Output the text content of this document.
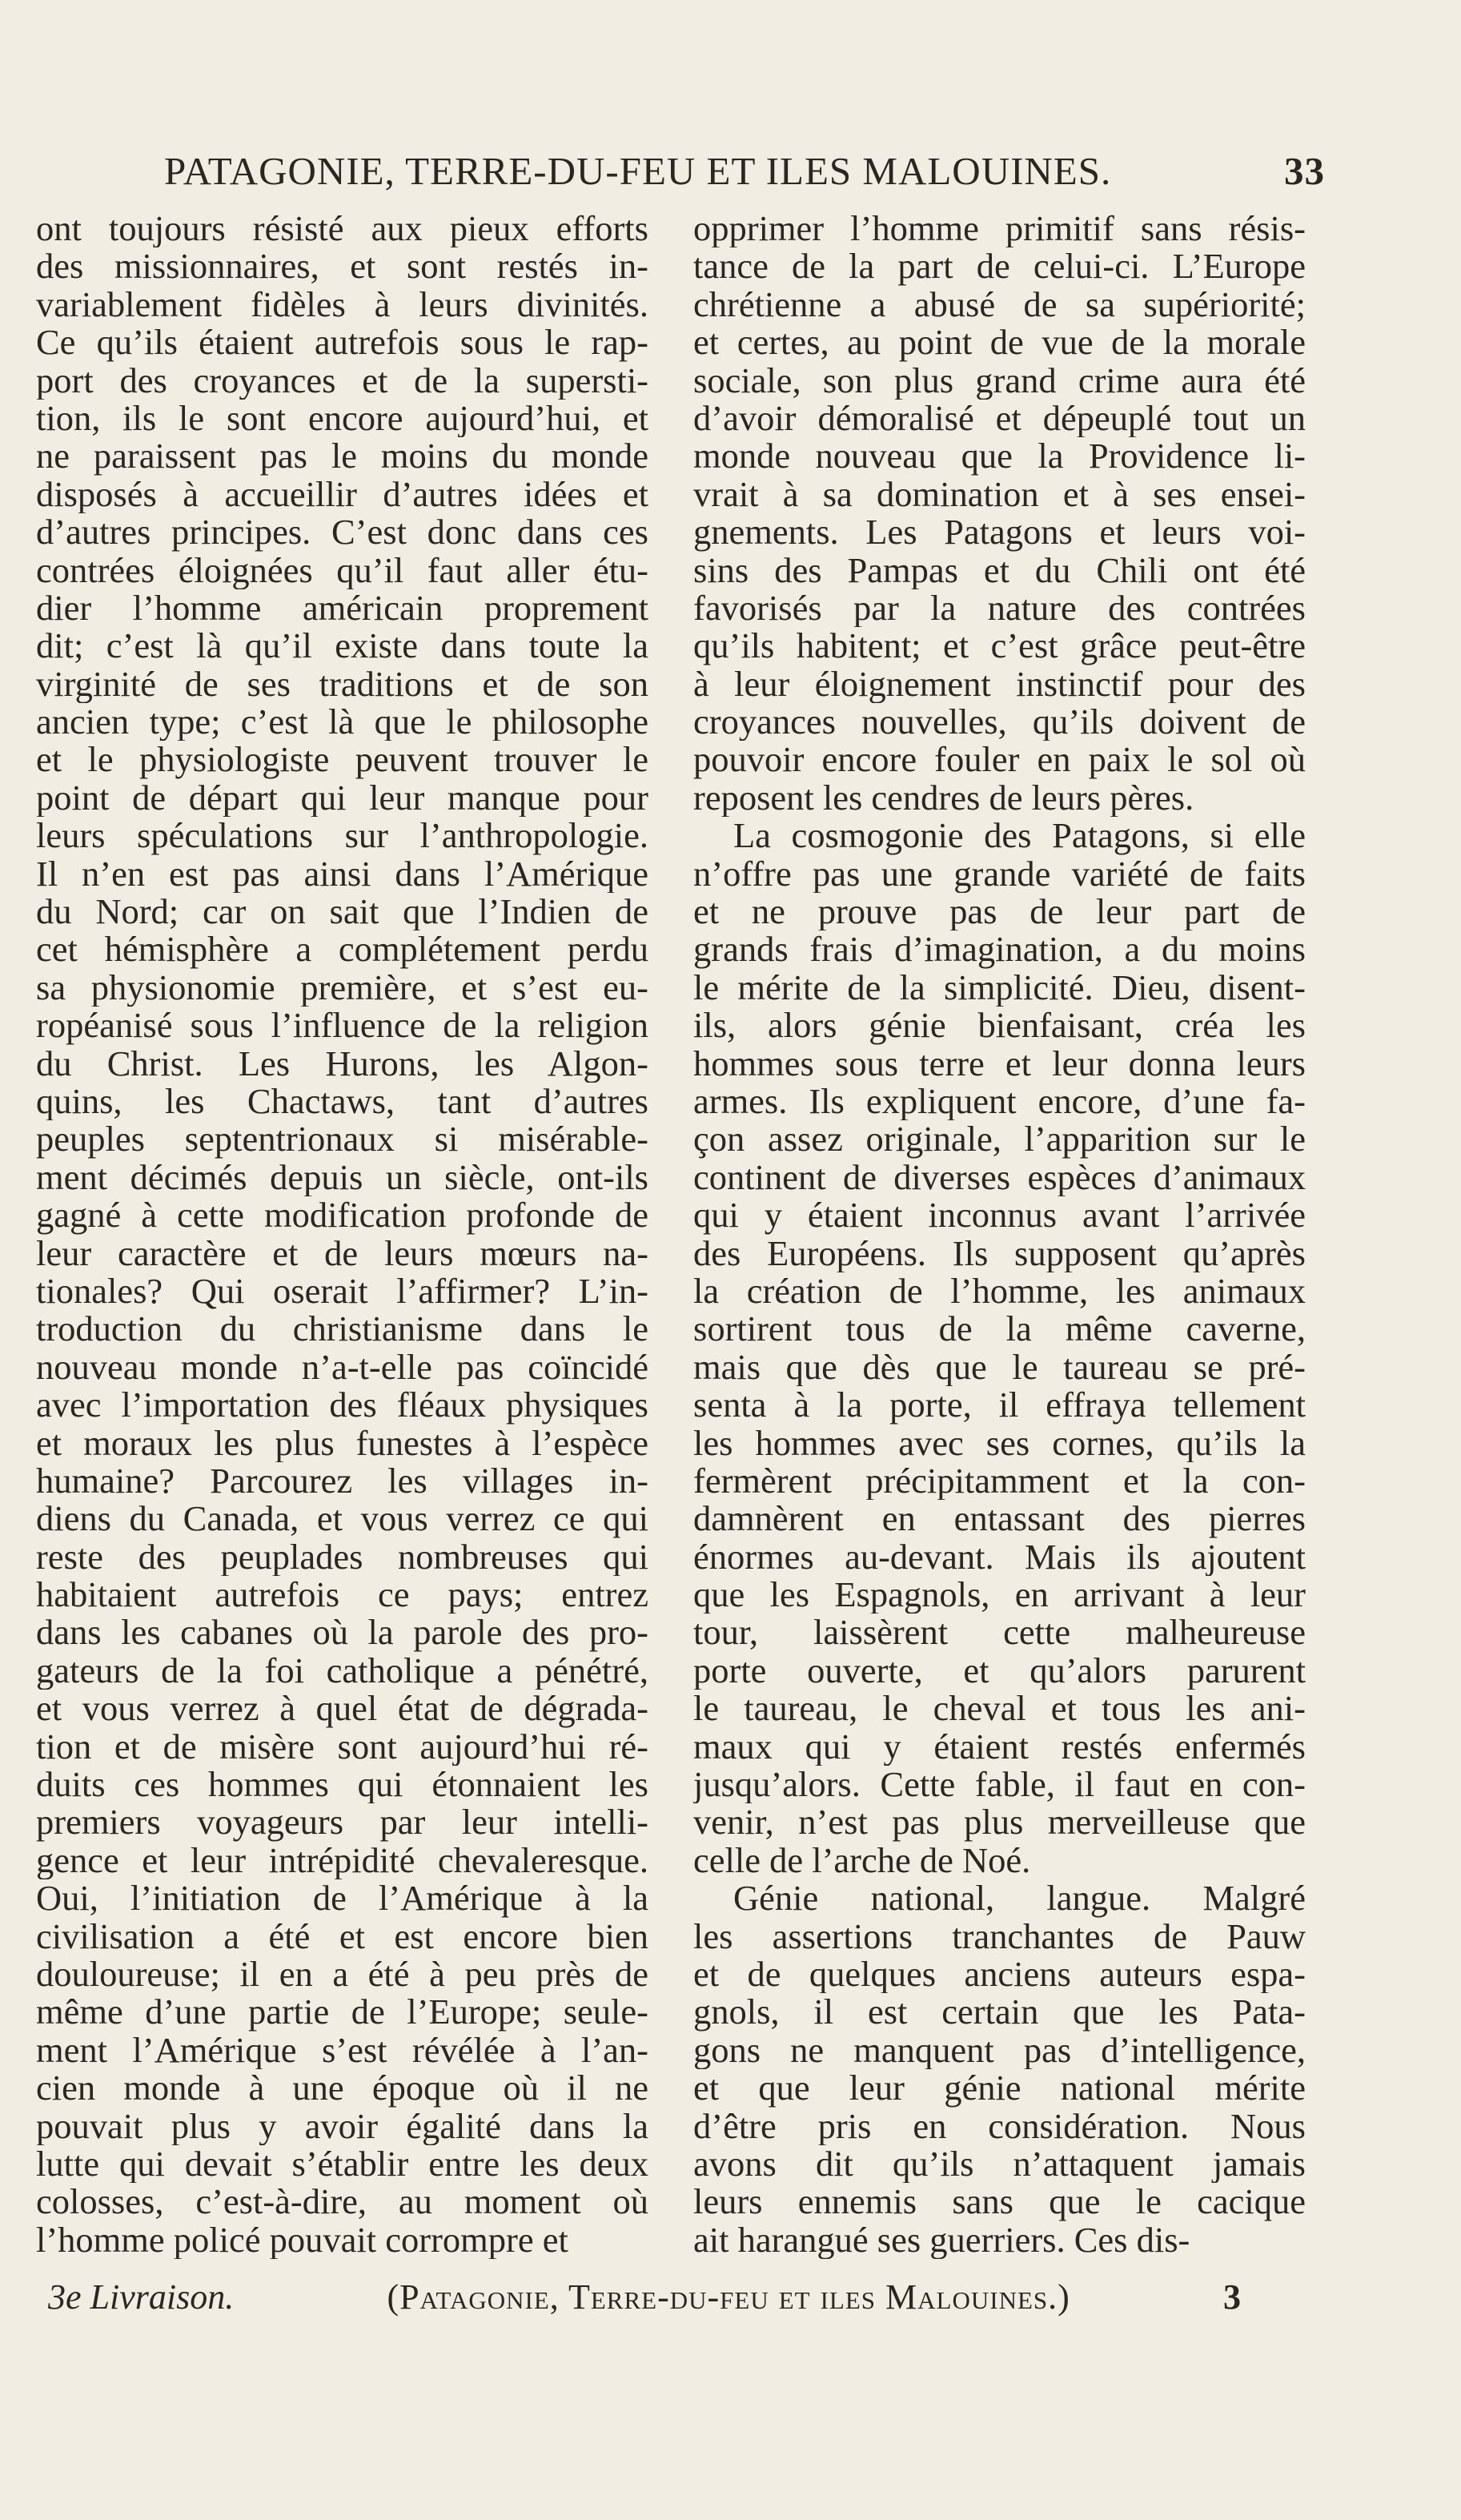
PATAGONIE, TERRE-DU-FEU ET ILES MALOUINES.	33
ont toujours résisté aux pieux efforts
des missionnaires, et sont restés in-
variablement fidèles à leurs divinités.
Ce qu’ils étaient autrefois sous le rap-
port des croyances et de la supersti-
tion, ils le sont encore aujourd’hui, et
ne paraissent pas le moins du monde
disposés à accueillir d’autres idées et
d’autres principes. C’est donc dans ces
contrées éloignées qu’il faut aller étu-
dier l’homme américain proprement
dit; c’est là qu’il existe dans toute la
virginité de ses traditions et de son
ancien type; c’est là que le philosophe
et le physiologiste peuvent trouver le
point de départ qui leur manque pour
leurs spéculations sur l’anthropologie.
Il n’en est pas ainsi dans l’Amérique
du Nord; car on sait que l’Indien de
cet hémisphère a complétement perdu
sa physionomie première, et s’est eu-
ropéanisé sous l’influence de la religion
du Christ. Les Hurons, les Algon-
quins, les Chactaws, tant d’autres
peuples septentrionaux si misérable-
ment décimés depuis un siècle, ont-ils
gagné à cette modification profonde de
leur caractère et de leurs mœurs na-
tionales? Qui oserait l’affirmer? L’in-
troduction du christianisme dans le
nouveau monde n’a-t-elle pas coïncidé
avec l’importation des fléaux physiques
et moraux les plus funestes à l’espèce
humaine? Parcourez les villages in-
diens du Canada, et vous verrez ce qui
reste des peuplades nombreuses qui
habitaient autrefois ce pays; entrez
dans les cabanes où la parole des pro-
gateurs de la foi catholique a pénétré,
et vous verrez à quel état de dégrada-
tion et de misère sont aujourd’hui ré-
duits ces hommes qui étonnaient les
premiers voyageurs par leur intelli-
gence et leur intrépidité chevaleresque.
Oui, l’initiation de l’Amérique à la
civilisation a été et est encore bien
douloureuse; il en a été à peu près de
même d’une partie de l’Europe; seule-
ment l’Amérique s’est révélée à l’an-
cien monde à une époque où il ne
pouvait plus y avoir égalité dans la
lutte qui devait s’établir entre les deux
colosses, c’est-à-dire, au moment où
l’homme policé pouvait corrompre et
opprimer l’homme primitif sans résis-
tance de la part de celui-ci. L’Europe
chrétienne a abusé de sa supériorité;
et certes, au point de vue de la morale
sociale, son plus grand crime aura été
d’avoir démoralisé et dépeuplé tout un
monde nouveau que la Providence li-
vrait à sa domination et à ses ensei-
gnements. Les Patagons et leurs voi-
sins des Pampas et du Chili ont été
favorisés par la nature des contrées
qu’ils habitent; et c’est grâce peut-être
à leur éloignement instinctif pour des
croyances nouvelles, qu’ils doivent de
pouvoir encore fouler en paix le sol où
reposent les cendres de leurs pères.
La cosmogonie des Patagons, si elle
n’offre pas une grande variété de faits
et ne prouve pas de leur part de
grands frais d’imagination, a du moins
le mérite de la simplicité. Dieu, disent-
ils, alors génie bienfaisant, créa les
hommes sous terre et leur donna leurs
armes. Ils expliquent encore, d’une fa-
çon assez originale, l’apparition sur le
continent de diverses espèces d’animaux
qui y étaient inconnus avant l’arrivée
des Européens. Ils supposent qu’après
la création de l’homme, les animaux
sortirent tous de la même caverne,
mais que dès que le taureau se pré-
senta à la porte, il effraya tellement
les hommes avec ses cornes, qu’ils la
fermèrent précipitamment et la con-
damnèrent en entassant des pierres
énormes au-devant. Mais ils ajoutent
que les Espagnols, en arrivant à leur
tour, laissèrent cette malheureuse
porte ouverte, et qu’alors parurent
le taureau, le cheval et tous les ani-
maux qui y étaient restés enfermés
jusqu’alors. Cette fable, il faut en con-
venir, n’est pas plus merveilleuse que
celle de l’arche de Noé.
Génie national, langue. Malgré
les assertions tranchantes de Pauw
et de quelques anciens auteurs espa-
gnols, il est certain que les Pata-
gons ne manquent pas d’intelligence,
et que leur génie national mérite
d’être pris en considération. Nous
avons dit qu’ils n’attaquent jamais
leurs ennemis sans que le cacique
ait harangué ses guerriers. Ces dis-
3e Livraison.	(Patagonie, Terre-du-feu et iles Malouines.)	3
